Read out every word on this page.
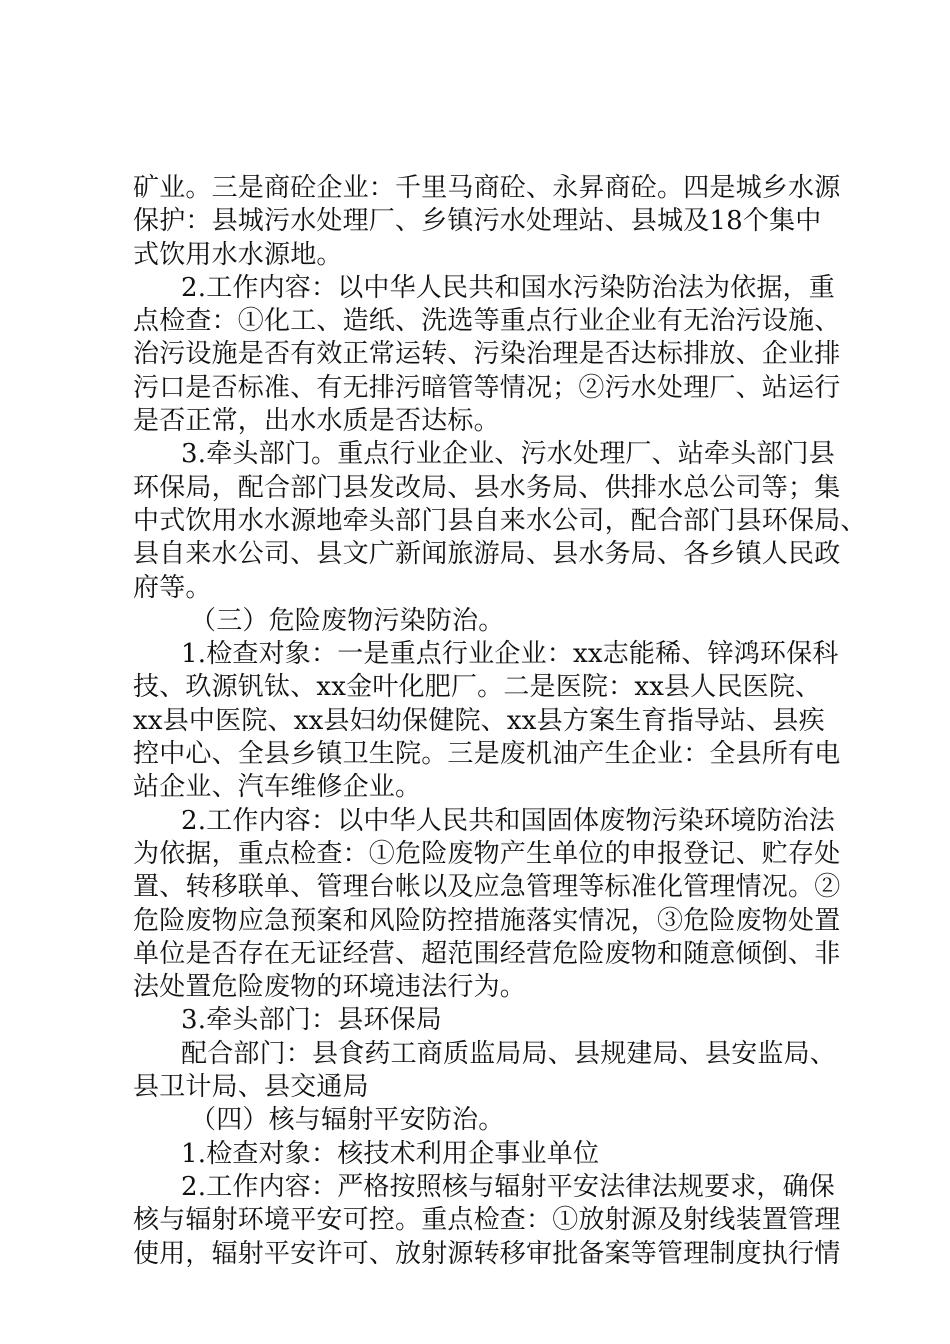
矿业。三是商砼企业：千里马商砼、永昇商砼。四是城乡水源
保护：县城污水处理厂、乡镇污水处理站、县城及18个集中
式饮用水水源地。
2.工作内容：以中华人民共和国水污染防治法为依据，重
点检查：①化工、造纸、洗选等重点行业企业有无治污设施、
治污设施是否有效正常运转、污染治理是否达标排放、企业排
污口是否标准、有无排污暗管等情况；②污水处理厂、站运行
是否正常，出水水质是否达标。
3.牵头部门。重点行业企业、污水处理厂、站牵头部门县
环保局，配合部门县发改局、县水务局、供排水总公司等；集
中式饮用水水源地牵头部门县自来水公司，配合部门县环保局、
县自来水公司、县文广新闻旅游局、县水务局、各乡镇人民政
府等。
（三）危险废物污染防治。
1.检查对象：一是重点行业企业：xx志能稀、锌鸿环保科
技、玖源钒钛、xx金叶化肥厂。二是医院：xx县人民医院、
xx县中医院、xx县妇幼保健院、xx县方案生育指导站、县疾
控中心、全县乡镇卫生院。三是废机油产生企业：全县所有电
站企业、汽车维修企业。
2.工作内容：以中华人民共和国固体废物污染环境防治法
为依据，重点检查：①危险废物产生单位的申报登记、贮存处
置、转移联单、管理台帐以及应急管理等标准化管理情况。②
危险废物应急预案和风险防控措施落实情况，③危险废物处置
单位是否存在无证经营、超范围经营危险废物和随意倾倒、非
法处置危险废物的环境违法行为。
3.牵头部门：县环保局
配合部门：县食药工商质监局局、县规建局、县安监局、
县卫计局、县交通局
（四）核与辐射平安防治。
1.检查对象：核技术利用企事业单位
2.工作内容：严格按照核与辐射平安法律法规要求，确保
核与辐射环境平安可控。重点检查：①放射源及射线装置管理
使用，辐射平安许可、放射源转移审批备案等管理制度执行情
